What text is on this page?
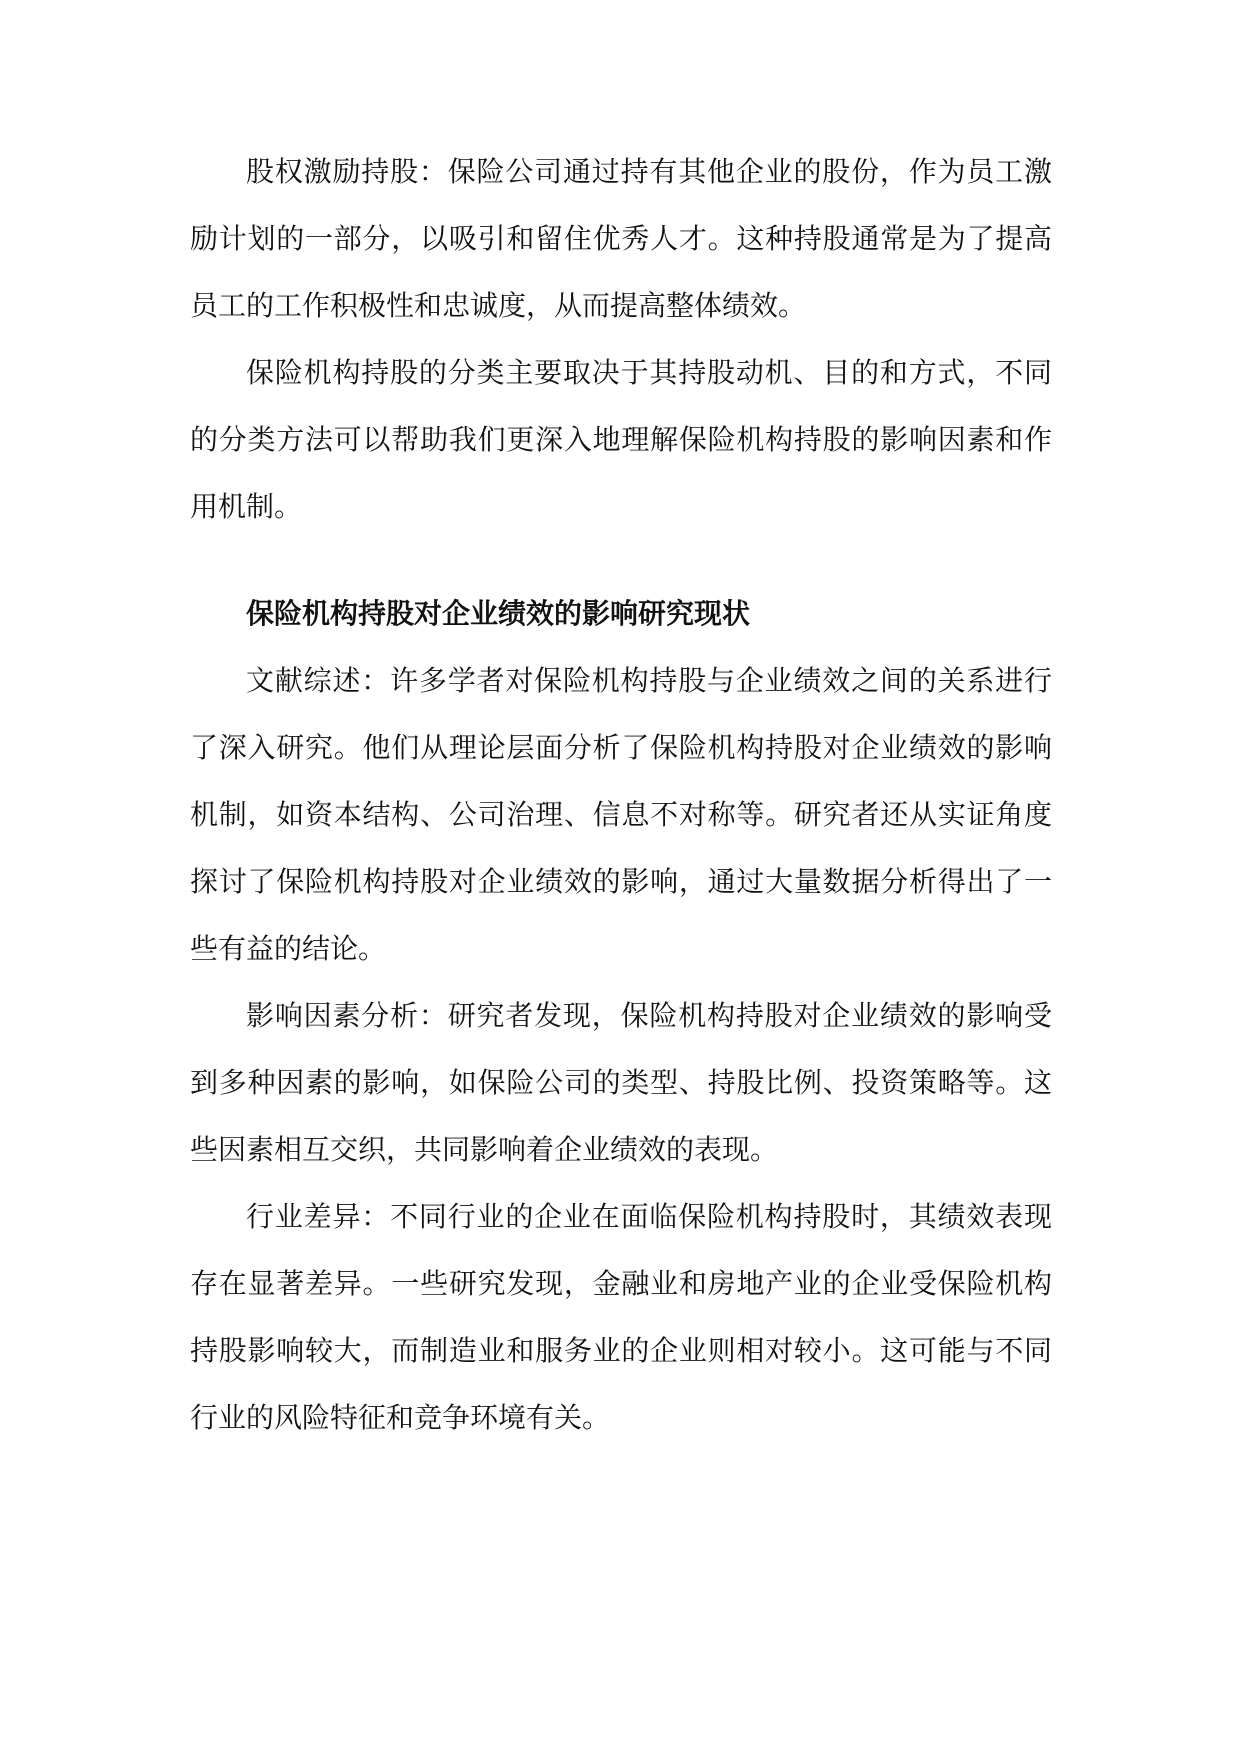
股权激励持股：保险公司通过持有其他企业的股份，作为员工激励计划的一部分，以吸引和留住优秀人才。这种持股通常是为了提高员工的工作积极性和忠诚度，从而提高整体绩效。

保险机构持股的分类主要取决于其持股动机、目的和方式，不同的分类方法可以帮助我们更深入地理解保险机构持股的影响因素和作用机制。

保险机构持股对企业绩效的影响研究现状

文献综述：许多学者对保险机构持股与企业绩效之间的关系进行了深入研究。他们从理论层面分析了保险机构持股对企业绩效的影响机制，如资本结构、公司治理、信息不对称等。研究者还从实证角度探讨了保险机构持股对企业绩效的影响，通过大量数据分析得出了一些有益的结论。

影响因素分析：研究者发现，保险机构持股对企业绩效的影响受到多种因素的影响，如保险公司的类型、持股比例、投资策略等。这些因素相互交织，共同影响着企业绩效的表现。

行业差异：不同行业的企业在面临保险机构持股时，其绩效表现存在显著差异。一些研究发现，金融业和房地产业的企业受保险机构持股影响较大，而制造业和服务业的企业则相对较小。这可能与不同行业的风险特征和竞争环境有关。
